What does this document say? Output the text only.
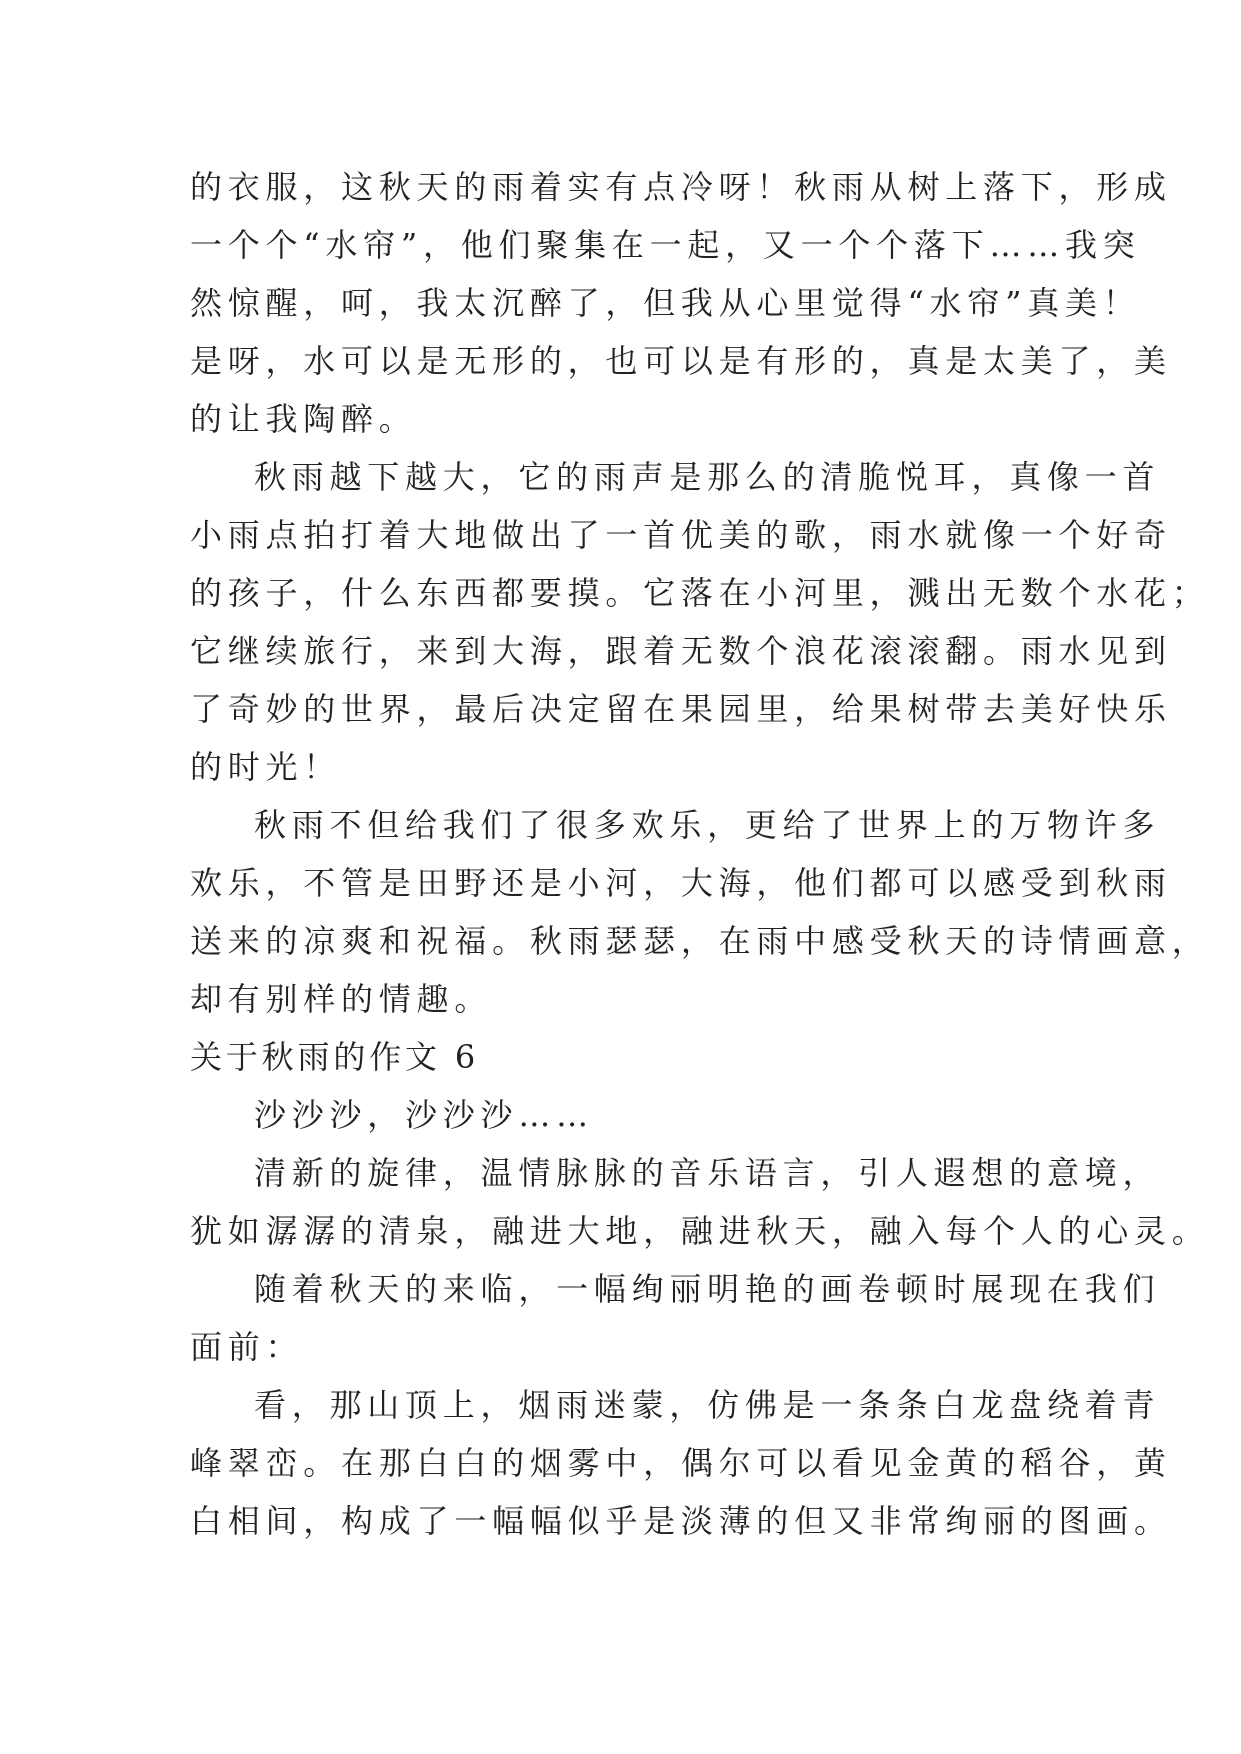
的衣服，这秋天的雨着实有点冷呀！秋雨从树上落下，形成

一个个“水帘”，他们聚集在一起，又一个个落下……我突

然惊醒，呵，我太沉醉了，但我从心里觉得“水帘”真美！

是呀，水可以是无形的，也可以是有形的，真是太美了，美

的让我陶醉。

秋雨越下越大，它的雨声是那么的清脆悦耳，真像一首

小雨点拍打着大地做出了一首优美的歌，雨水就像一个好奇

的孩子，什么东西都要摸。它落在小河里，溅出无数个水花；

它继续旅行，来到大海，跟着无数个浪花滚滚翻。雨水见到

了奇妙的世界，最后决定留在果园里，给果树带去美好快乐

的时光！

秋雨不但给我们了很多欢乐，更给了世界上的万物许多

欢乐，不管是田野还是小河，大海，他们都可以感受到秋雨

送来的凉爽和祝福。秋雨瑟瑟，在雨中感受秋天的诗情画意，

却有别样的情趣。

关于秋雨的作文 6

沙沙沙，沙沙沙……

清新的旋律，温情脉脉的音乐语言，引人遐想的意境，

犹如潺潺的清泉，融进大地，融进秋天，融入每个人的心灵。

随着秋天的来临，一幅绚丽明艳的画卷顿时展现在我们

面前：

看，那山顶上，烟雨迷蒙，仿佛是一条条白龙盘绕着青

峰翠峦。在那白白的烟雾中，偶尔可以看见金黄的稻谷，黄

白相间，构成了一幅幅似乎是淡薄的但又非常绚丽的图画。
